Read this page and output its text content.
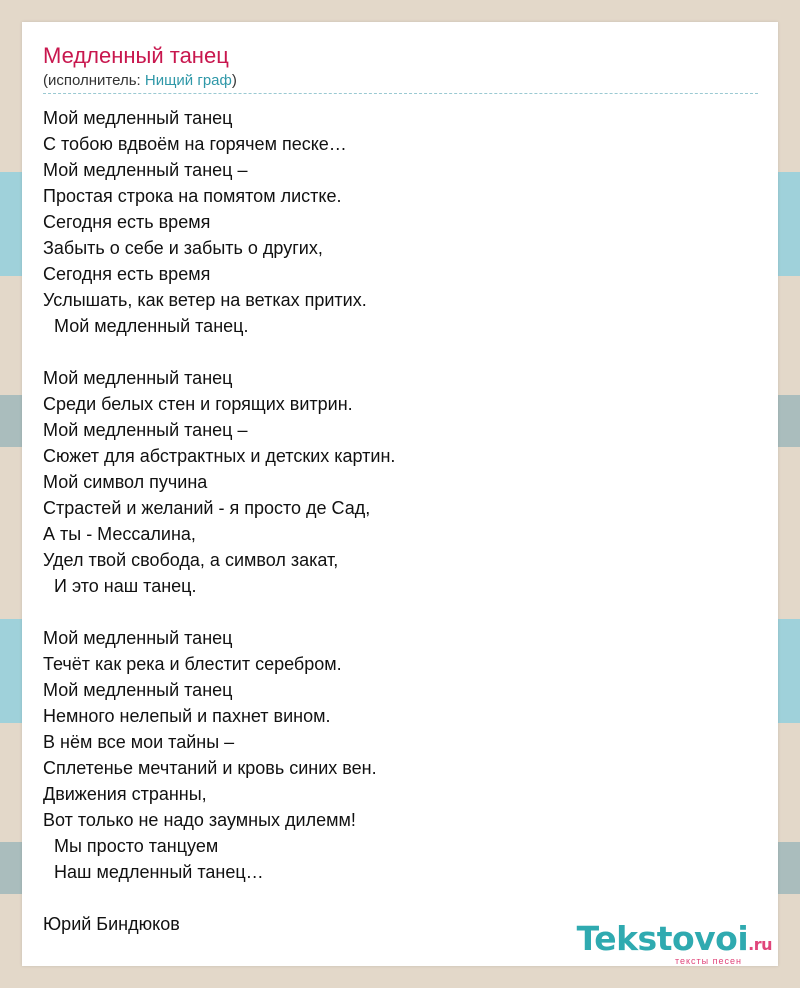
Медленный танец
(исполнитель: Нищий граф)
Мой медленный танец
С тобою вдвоём на горячем песке…
Мой медленный танец –
Простая строка на помятом листке.
Сегодня есть время
Забыть о себе и забыть о других,
Сегодня есть время
Услышать, как ветер на ветках притих.
Мой медленный танец.
Мой медленный танец
Среди белых стен и горящих витрин.
Мой медленный танец –
Сюжет для абстрактных и детских картин.
Мой символ пучина
Страстей и желаний - я просто де Сад,
А ты - Мессалина,
Удел твой свобода, а символ закат,
И это наш танец.
Мой медленный танец
Течёт как река и блестит серебром.
Мой медленный танец
Немного нелепый и пахнет вином.
В нём все мои тайны –
Сплетенье мечтаний и кровь синих вен.
Движения странны,
Вот только не надо заумных дилемм!
Мы просто танцуем
Наш медленный танец…
Юрий Биндюков	Tekstovoi.ru
тексты песен
